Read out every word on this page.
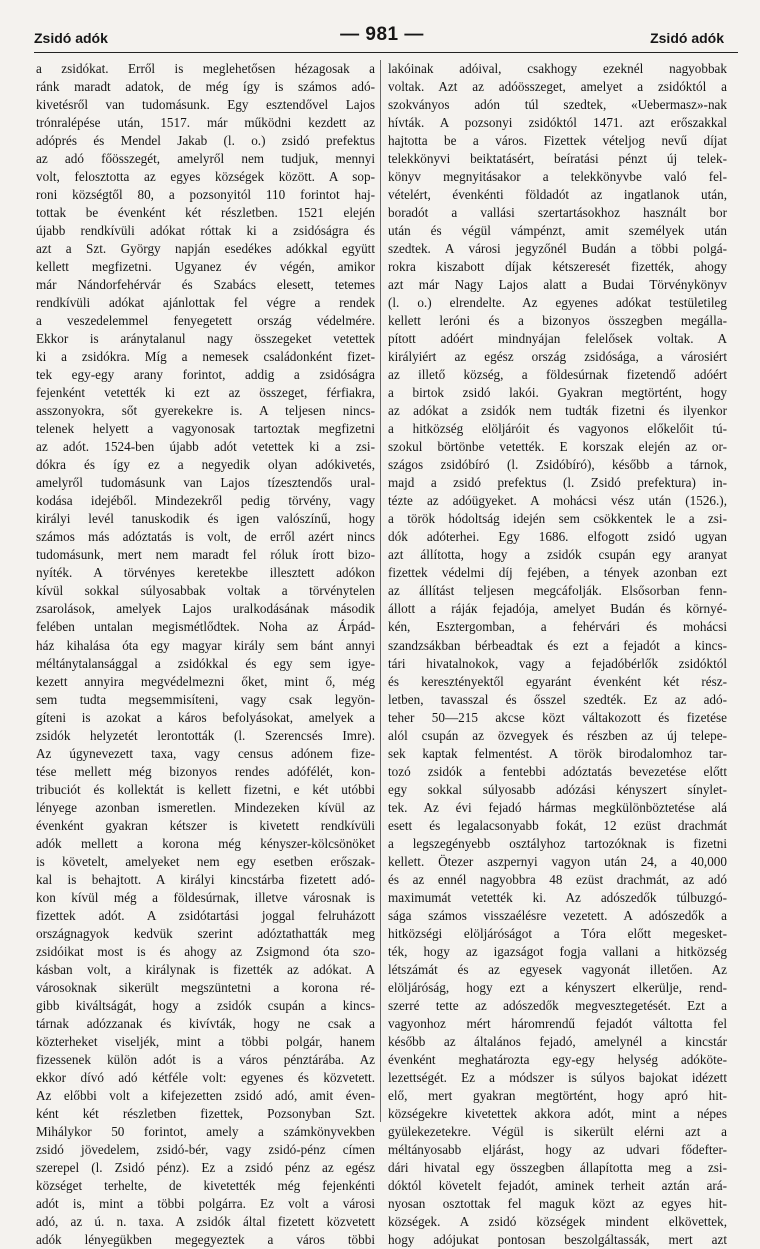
Zsidó adók	— 981 —	Zsidó adók
a zsidókat. Erről is meglehetősen hézagosak a
ránk maradt adatok, de még így is számos adó-
kivetésről van tudomásunk. Egy esztendővel Lajos
trónralépése után, 1517. már működni kezdett az
adóprés és Mendel Jakab (l. o.) zsidó prefektus
az adó főösszegét, amelyről nem tudjuk, mennyi
volt, felosztotta az egyes községek között. A sop-
roni községtől 80, a pozsonyitól 110 forintot haj-
tottak be évenként két részletben. 1521 elején
újabb rendkívüli adókat róttak ki a zsidóságra és
azt a Szt. György napján esedékes adókkal együtt
kellett megfizetni. Ugyanez év végén, amikor
már Nándorfehérvár és Szabács elesett, tetemes
rendkívüli adókat ajánlottak fel végre a rendek
a veszedelemmel fenyegetett ország védelmére.
Ekkor is aránytalanul nagy összegeket vetettek
ki a zsidókra. Míg a nemesek családonként fizet-
tek egy-egy arany forintot, addig a zsidóságra
fejenként vetették ki ezt az összeget, férfiakra,
asszonyokra, sőt gyerekekre is. A teljesen nincs-
telenek helyett a vagyonosak tartoztak megfizetni
az adót. 1524-ben újabb adót vetettek ki a zsi-
dókra és így ez a negyedik olyan adókivetés,
amelyről tudomásunk van Lajos tízesztendős ural-
kodása idejéből. Mindezekről pedig törvény, vagy
királyi levél tanuskodik és igen valószínű, hogy
számos más adóztatás is volt, de erről azért nincs
tudomásunk, mert nem maradt fel róluk írott bizo-
nyíték. A törvényes keretekbe illesztett adókon
kívül sokkal súlyosabbak voltak a törvénytelen
zsarolások, amelyek Lajos uralkodásának második
felében untalan megismétlődtek. Noha az Árpád-
ház kihalása óta egy magyar király sem bánt annyi
méltánytalansággal a zsidókkal és egy sem igye-
kezett annyira megvédelmezni őket, mint ő, még
sem tudta megsemmisíteni, vagy csak legyön-
gíteni is azokat a káros befolyásokat, amelyek a
zsidók helyzetét lerontották (l. Szerencsés Imre).
Az úgynevezett taxa, vagy census adónem fize-
tése mellett még bizonyos rendes adófélét, kon-
tribuciót és kollektát is kellett fizetni, e két utóbbi
lényege azonban ismeretlen. Mindezeken kívül az
évenként gyakran kétszer is kivetett rendkívüli
adók mellett a korona még kényszer-kölcsönöket
is követelt, amelyeket nem egy esetben erőszak-
kal is behajtott. A királyi kincstárba fizetett adó-
kon kívül még a földesúrnak, illetve városnak is
fizettek adót. A zsidótartási joggal felruházott
országnagyok kedvük szerint adóztathatták meg
zsidóikat most is és ahogy az Zsigmond óta szo-
kásban volt, a királynak is fizették az adókat. A
városoknak sikerült megszüntetni a korona ré-
gibb kiváltságát, hogy a zsidók csupán a kincs-
tárnak adózzanak és kivívták, hogy ne csak a
közterheket viseljék, mint a többi polgár, hanem
fizessenek külön adót is a város pénztárába. Az
ekkor dívó adó kétféle volt: egyenes és közvetett.
Az előbbi volt a kifejezetten zsidó adó, amit éven-
ként két részletben fizettek, Pozsonyban Szt.
Mihálykor 50 forintot, amely a számkönyvekben
zsidó jövedelem, zsidó-bér, vagy zsidó-pénz címen
szerepel (l. Zsidó pénz). Ez a zsidó pénz az egész
községet terhelte, de kivetették még fejenkénti
adót is, mint a többi polgárra. Ez volt a városi
adó, az ú. n. taxa. A zsidók által fizetett közvetett
adók lényegükben megegyeztek a város többi
lakóinak adóival, csakhogy ezeknél nagyobbak
voltak. Azt az adóösszeget, amelyet a zsidóktól a
szokványos adón túl szedtek, «Uebermasz»-nak
hívták. A pozsonyi zsidóktól 1471. azt erőszakkal
hajtotta be a város. Fizettek vételjog nevű díjat
telekkönyvi beiktatásért, beíratási pénzt új telek-
könyv megnyitásakor a telekkönyvbe való fel-
vételért, évenkénti földadót az ingatlanok után,
boradót a vallási szertartásokhoz használt bor
után és végül vámpénzt, amit személyek után
szedtek. A városi jegyzőnél Budán a többi polgá-
rokra kiszabott díjak kétszeresét fizették, ahogy
azt már Nagy Lajos alatt a Budai Törvénykönyv
(l. o.) elrendelte. Az egyenes adókat testületileg
kellett leróni és a bizonyos összegben megálla-
pított adóért mindnyájan felelősek voltak. A
királyiért az egész ország zsidósága, a városiért
az illető község, a földesúrnak fizetendő adóért
a birtok zsidó lakói. Gyakran megtörtént, hogy
az adókat a zsidók nem tudták fizetni és ilyenkor
a hitközség elöljáróit és vagyonos előkelőit tú-
szokul börtönbe vetették. E korszak elején az or-
szágos zsidóbíró (l. Zsidóbíró), később a tárnok,
majd a zsidó prefektus (l. Zsidó prefektura) in-
tézte az adóügyeket. A mohácsi vész után (1526.),
a török hódoltság idején sem csökkentek le a zsi-
dók adóterhei. Egy 1686. elfogott zsidó ugyan
azt állította, hogy a zsidók csupán egy aranyat
fizettek védelmi díj fejében, a tények azonban ezt
az állítást teljesen megcáfolják. Elsősorban fenn-
állott a rájáк fejadója, amelyet Budán és környé-
kén, Esztergomban, a fehérvári és mohácsi
szandzsákban bérbeadtak és ezt a fejadót a kincs-
tári hivatalnokok, vagy a fejadóbérlők zsidóktól
és keresztényektől egyaránt évenként két rész-
letben, tavasszal és ősszel szedték. Ez az adó-
teher 50—215 akcse közt váltakozott és fizetése
alól csupán az özvegyek és részben az új telepe-
sek kaptak felmentést. A török birodalomhoz tar-
tozó zsidók a fentebbi adóztatás bevezetése előtt
egy sokkal súlyosabb adózási kényszert sínylet-
tek. Az évi fejadó hármas megkülönböztetése alá
esett és legalacsonyabb fokát, 12 ezüst drachmát
a legszegényebb osztályhoz tartozóknak is fizetni
kellett. Ötezer aszpernyi vagyon után 24, a 40,000
és az ennél nagyobbra 48 ezüst drachmát, az adó
maximumát vetették ki. Az adószedők túlbuzgó-
sága számos visszaélésre vezetett. A adószedők a
hitközségi elöljáróságot a Tóra előtt megesket-
ték, hogy az igazságot fogja vallani a hitközség
létszámát és az egyesek vagyonát illetően. Az
elöljáróság, hogy ezt a kényszert elkerülje, rend-
szerré tette az adószedők megvesztegetését. Ezt a
vagyonhoz mért háromrendű fejadót váltotta fel
később az általános fejadó, amelynél a kincstár
évenként meghatározta egy-egy helység adóköte-
lezettségét. Ez a módszer is súlyos bajokat idézett
elő, mert gyakran megtörtént, hogy apró hit-
községekre kivetettek akkora adót, mint a népes
gyülekezetekre. Végül is sikerült elérni azt a
méltányosabb eljárást, hogy az udvari fődefter-
dári hivatal egy összegben állapította meg a zsi-
dóktól követelt fejadót, aminek terheit aztán ará-
nyosan osztottak fel maguk közt az egyes hit-
községek. A zsidó községek mindent elkövettek,
hogy adójukat pontosan beszolgáltassák, mert azt
